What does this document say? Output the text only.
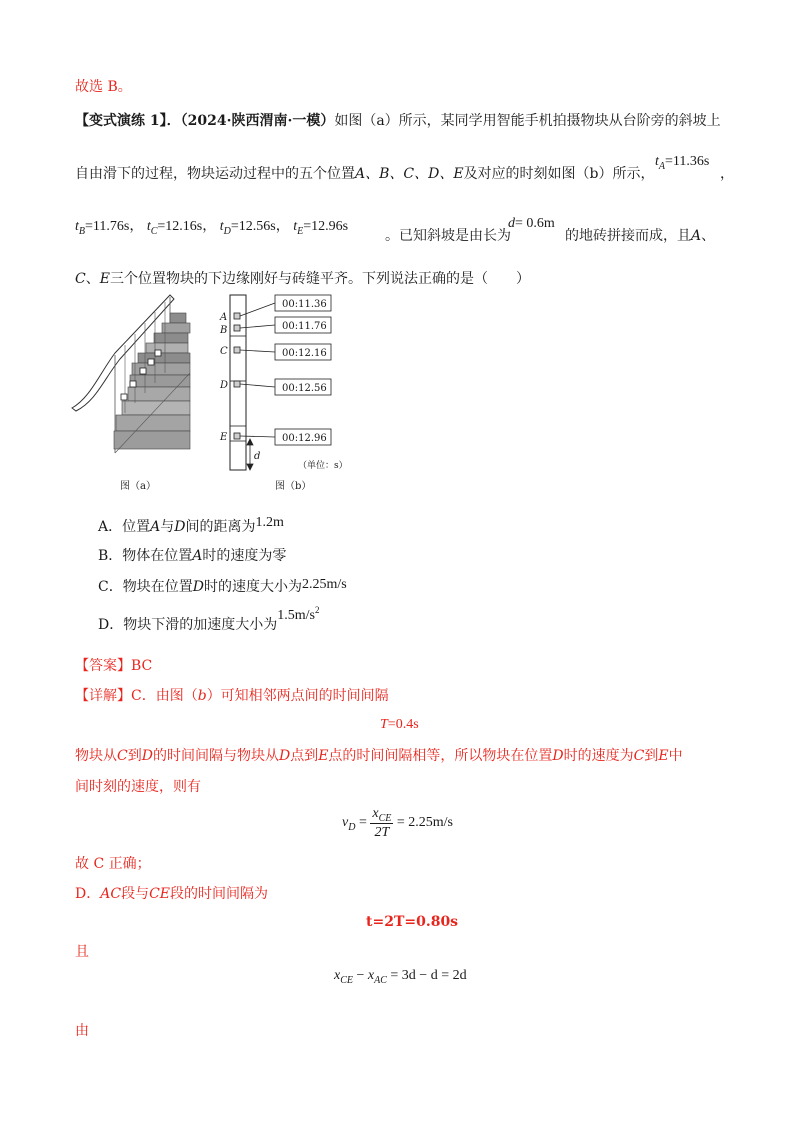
故选 B。
【变式演练 1】．（2024·陕西渭南·一模）如图（a）所示，某同学用智能手机拍摄物块从台阶旁的斜坡上
自由滑下的过程，物块运动过程中的五个位置A、B、C、D、E及对应的时刻如图（b）所示，
$t_A=11.36s$
，
$t_B=11.76s$， $t_C=12.16s$， $t_D=12.56s$， $t_E=12.96s$
。已知斜坡是由长为
d= 0.6m
的地砖拼接而成，且A、
C、E三个位置物块的下边缘刚好与砖缝平齐。下列说法正确的是（　　）
00:11.36
00:11.76
00:12.16
00:12.56
00:12.96
A
B
C
D
E
d
（单位：s）
图（a）	图（b）
A．位置A与D间的距离为1.2m
B．物体在位置A时的速度为零
C．物块在位置D时的速度大小为2.25m/s
D．物块下滑的加速度大小为$1.5m/s^2$
【答案】BC
【详解】C．由图（b）可知相邻两点间的时间间隔
T=0.4s
物块从C到D的时间间隔与物块从D点到E点的时间间隔相等，所以物块在位置D时的速度为C到E中
间时刻的速度，则有
$v_D = \frac{x_{CE}}{2T} = 2.25m/s$
故 C 正确；
D．AC段与CE段的时间间隔为
t=2T=0.80s
且
$x_{CE} - x_{AC} = 3d - d = 2d$
由
